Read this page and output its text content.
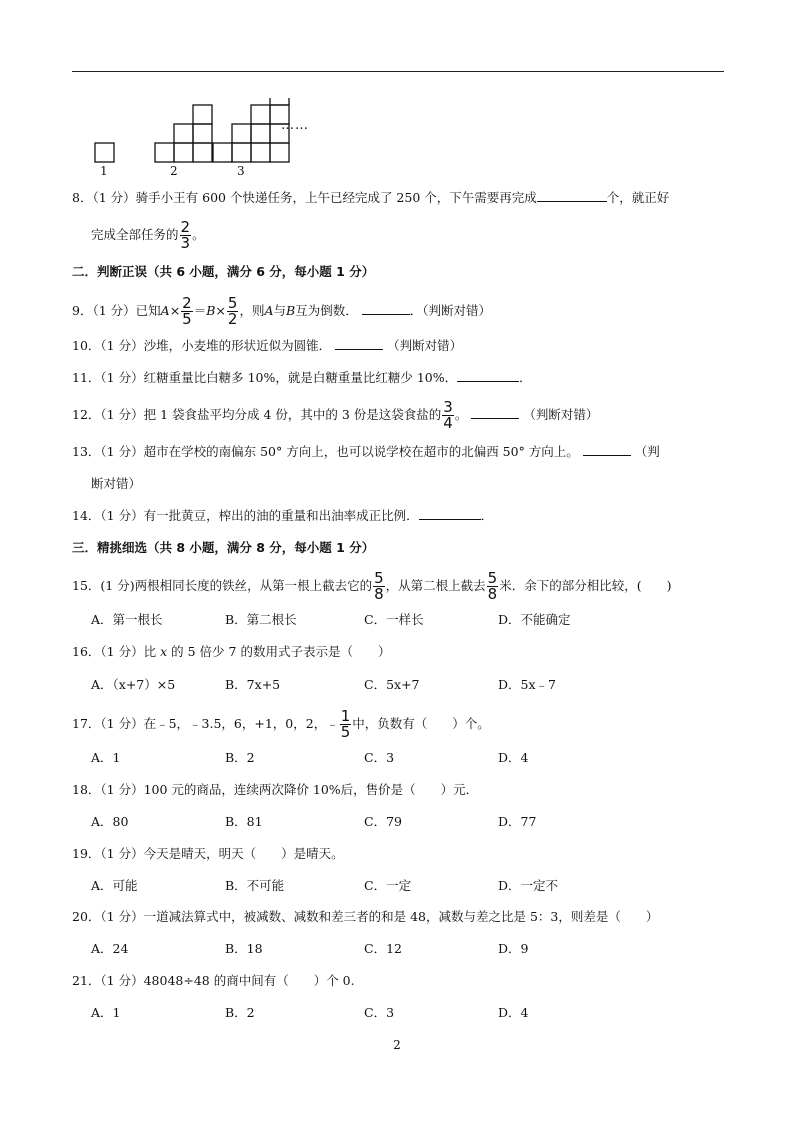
1	2	3
……
8．（1 分）骑手小王有 600 个快递任务，上午已经完成了 250 个，下午需要再完成	个，就正好
完成全部任务的 $\frac{2}{3}$ 。
二．判断正误（共 6 小题，满分 6 分，每小题 1 分）
9．（1 分）已知$A\times \frac{2}{5} =B\times \frac{5}{2}$ ，则A与B互为倒数．	．（判断对错）
10．（1 分）沙堆，小麦堆的形状近似为圆锥．	（判断对错）
11．（1 分）红糖重量比白糖多 10%，就是白糖重量比红糖少 10%．	．
12．（1 分）把 1 袋食盐平均分成 4 份，其中的 3 份是这袋食盐的 $\frac{3}{4}$ 。	（判断对错）
13．（1 分）超市在学校的南偏东 50° 方向上，也可以说学校在超市的北偏西 50° 方向上。	（判
断对错）
14．（1 分）有一批黄豆，榨出的油的重量和出油率成正比例．	．
三．精挑细选（共 8 小题，满分 8 分，每小题 1 分）
15．(1 分)两根相同长度的铁丝，从第一根上截去它的 $\frac{5}{8}$ ，从第二根上截去 $\frac{5}{8}$ 米．余下的部分相比较，(　　)
A．第一根长	B．第二根长	C．一样长	D．不能确定
16．（1 分）比 x 的 5 倍少 7 的数用式子表示是（　　）
A．（x+7）×5	B．7x+5	C．5x+7	D．5x﹣7
17．（1 分）在﹣5，﹣3.5，6，+1，0，2，﹣ $\frac{1}{5}$ 中，负数有（　　）个。
A．1	B．2	C．3	D．4
18．（1 分）100 元的商品，连续两次降价 10%后，售价是（　　）元．
A．80	B．81	C．79	D．77
19．（1 分）今天是晴天，明天（　　）是晴天。
A．可能	B．不可能	C．一定	D．一定不
20．（1 分）一道减法算式中，被减数、减数和差三者的和是 48，减数与差之比是 5：3，则差是（　　）
A．24	B．18	C．12	D．9
21．（1 分）48048÷48 的商中间有（　　）个 0.
A．1	B．2	C．3	D．4
2
